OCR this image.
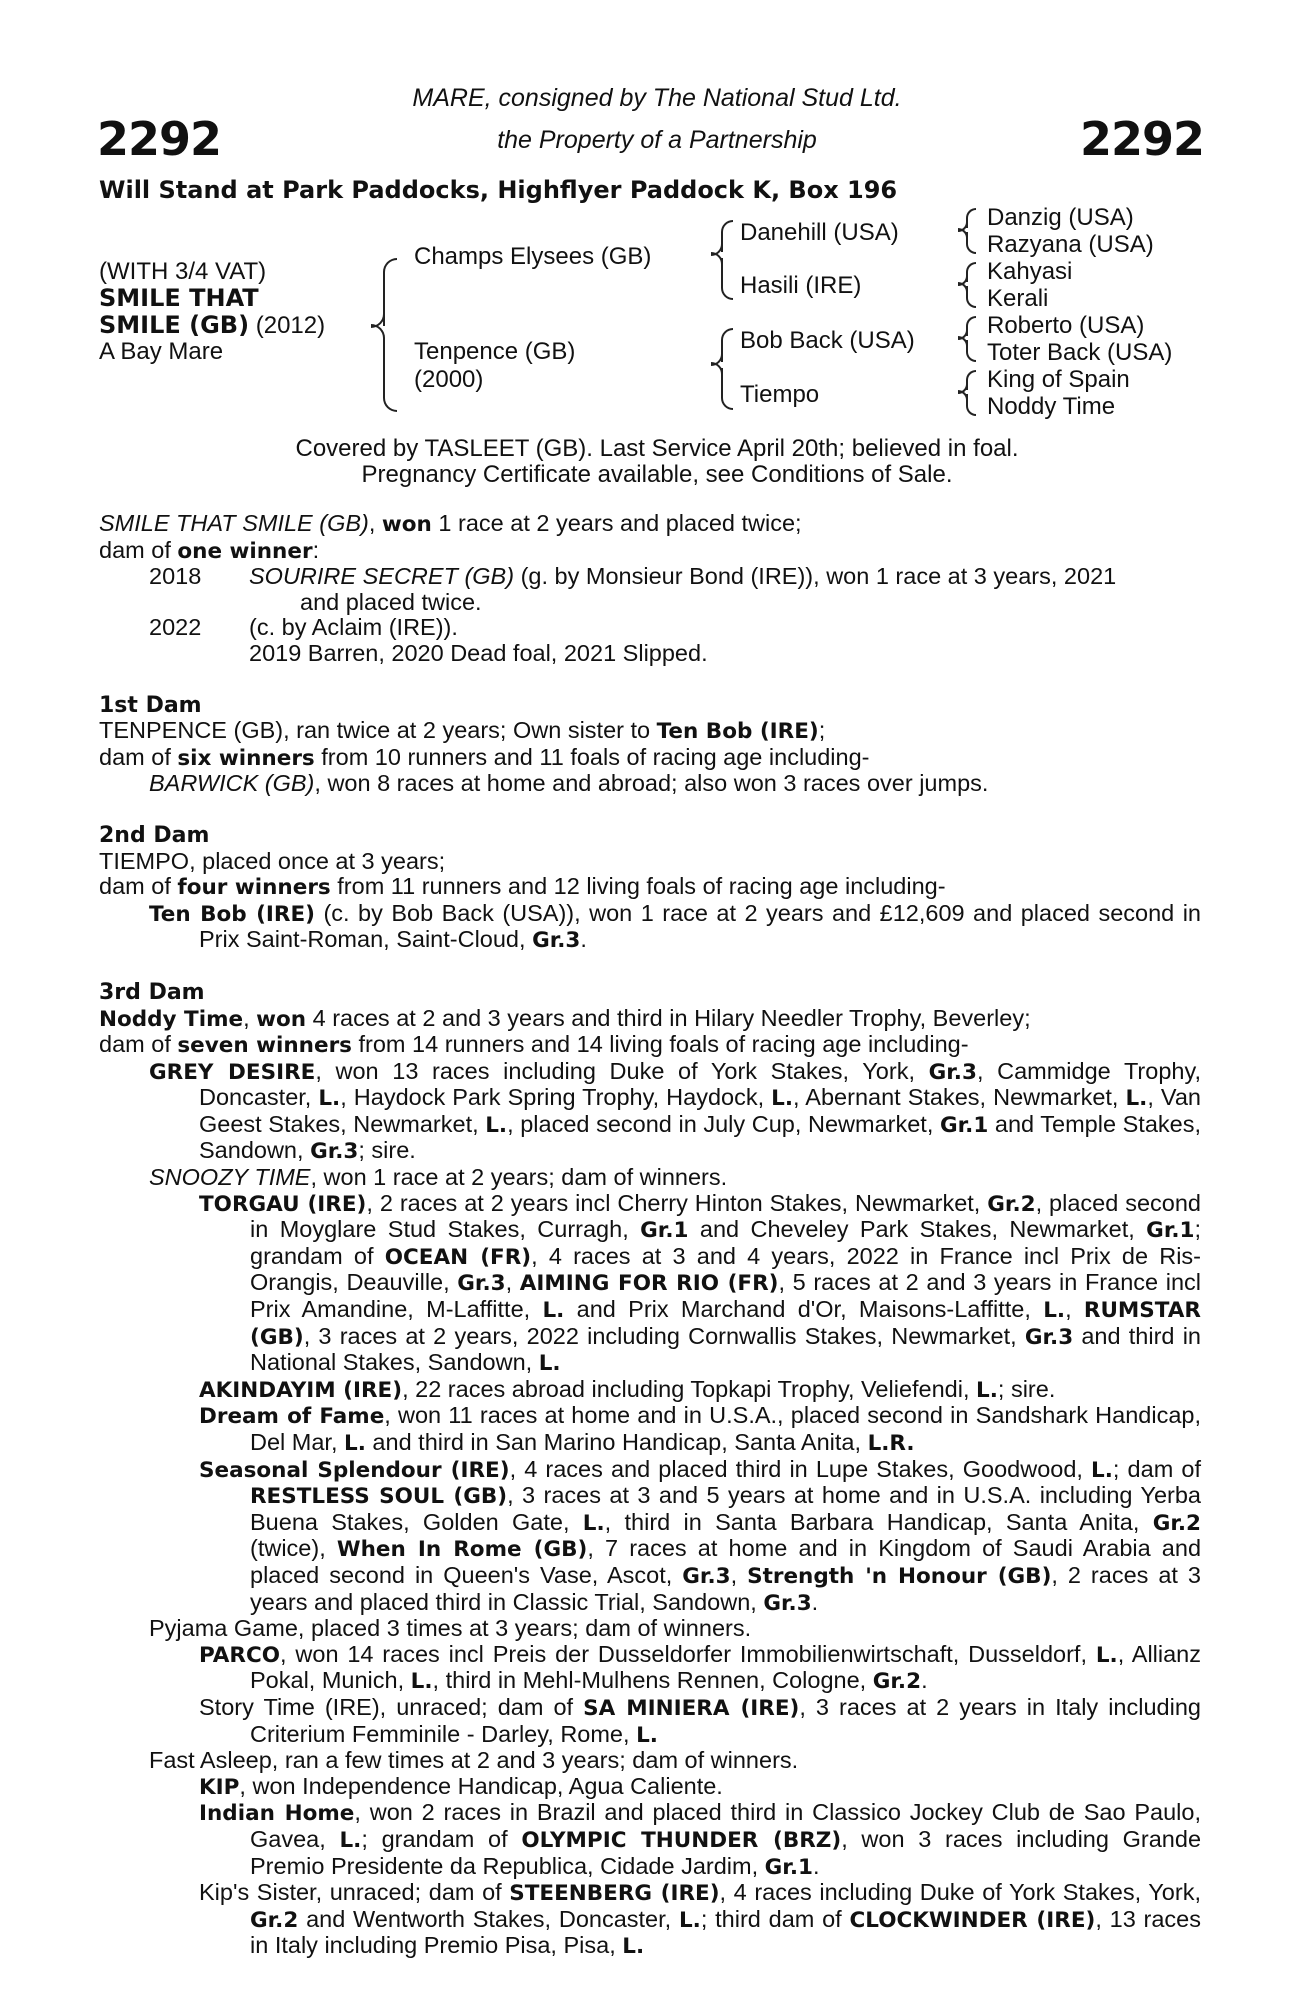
2292	2292
MARE, consigned by The National Stud Ltd.
the Property of a Partnership
Will Stand at Park Paddocks, Highflyer Paddock K, Box 196
(WITH 3/4 VAT)
SMILE THAT
SMILE (GB) (2012)
A Bay Mare
Champs Elysees (GB)
Tenpence (GB)
(2000)
Danehill (USA)
Hasili (IRE)
Bob Back (USA)
Tiempo
Danzig (USA)
Razyana (USA)
Kahyasi
Kerali
Roberto (USA)
Toter Back (USA)
King of Spain
Noddy Time
Covered by TASLEET (GB). Last Service April 20th; believed in foal.
Pregnancy Certificate available, see Conditions of Sale.

SMILE THAT SMILE (GB), won 1 race at 2 years and placed twice;

dam of one winner:

2018 SOURIRE SECRET (GB) (g. by Monsieur Bond (IRE)), won 1 race at 3 years, 2021

and placed twice.

2022 (c. by Aclaim (IRE)).

2019 Barren, 2020 Dead foal, 2021 Slipped.

1st Dam

TENPENCE (GB), ran twice at 2 years; Own sister to Ten Bob (IRE);

dam of six winners from 10 runners and 11 foals of racing age including-

BARWICK (GB), won 8 races at home and abroad; also won 3 races over jumps.

2nd Dam

TIEMPO, placed once at 3 years;

dam of four winners from 11 runners and 12 living foals of racing age including-

Ten Bob (IRE) (c. by Bob Back (USA)), won 1 race at 2 years and £12,609 and placed second in Prix Saint-Roman, Saint-Cloud, Gr.3.

3rd Dam

Noddy Time, won 4 races at 2 and 3 years and third in Hilary Needler Trophy, Beverley;

dam of seven winners from 14 runners and 14 living foals of racing age including-

GREY DESIRE, won 13 races including Duke of York Stakes, York, Gr.3, Cammidge Trophy, Doncaster, L., Haydock Park Spring Trophy, Haydock, L., Abernant Stakes, Newmarket, L., Van Geest Stakes, Newmarket, L., placed second in July Cup, Newmarket, Gr.1 and Temple Stakes, Sandown, Gr.3; sire.

SNOOZY TIME, won 1 race at 2 years; dam of winners.

TORGAU (IRE), 2 races at 2 years incl Cherry Hinton Stakes, Newmarket, Gr.2, placed second in Moyglare Stud Stakes, Curragh, Gr.1 and Cheveley Park Stakes, Newmarket, Gr.1; grandam of OCEAN (FR), 4 races at 3 and 4 years, 2022 in France incl Prix de Ris-Orangis, Deauville, Gr.3, AIMING FOR RIO (FR), 5 races at 2 and 3 years in France incl Prix Amandine, M-Laffitte, L. and Prix Marchand d'Or, Maisons-Laffitte, L., RUMSTAR (GB), 3 races at 2 years, 2022 including Cornwallis Stakes, Newmarket, Gr.3 and third in National Stakes, Sandown, L.

AKINDAYIM (IRE), 22 races abroad including Topkapi Trophy, Veliefendi, L.; sire.

Dream of Fame, won 11 races at home and in U.S.A., placed second in Sandshark Handicap, Del Mar, L. and third in San Marino Handicap, Santa Anita, L.R.

Seasonal Splendour (IRE), 4 races and placed third in Lupe Stakes, Goodwood, L.; dam of RESTLESS SOUL (GB), 3 races at 3 and 5 years at home and in U.S.A. including Yerba Buena Stakes, Golden Gate, L., third in Santa Barbara Handicap, Santa Anita, Gr.2 (twice), When In Rome (GB), 7 races at home and in Kingdom of Saudi Arabia and placed second in Queen's Vase, Ascot, Gr.3, Strength 'n Honour (GB), 2 races at 3 years and placed third in Classic Trial, Sandown, Gr.3.

Pyjama Game, placed 3 times at 3 years; dam of winners.

PARCO, won 14 races incl Preis der Dusseldorfer Immobilienwirtschaft, Dusseldorf, L., Allianz Pokal, Munich, L., third in Mehl-Mulhens Rennen, Cologne, Gr.2.

Story Time (IRE), unraced; dam of SA MINIERA (IRE), 3 races at 2 years in Italy including Criterium Femminile - Darley, Rome, L.

Fast Asleep, ran a few times at 2 and 3 years; dam of winners.

KIP, won Independence Handicap, Agua Caliente.

Indian Home, won 2 races in Brazil and placed third in Classico Jockey Club de Sao Paulo, Gavea, L.; grandam of OLYMPIC THUNDER (BRZ), won 3 races including Grande Premio Presidente da Republica, Cidade Jardim, Gr.1.

Kip's Sister, unraced; dam of STEENBERG (IRE), 4 races including Duke of York Stakes, York, Gr.2 and Wentworth Stakes, Doncaster, L.; third dam of CLOCKWINDER (IRE), 13 races in Italy including Premio Pisa, Pisa, L.
